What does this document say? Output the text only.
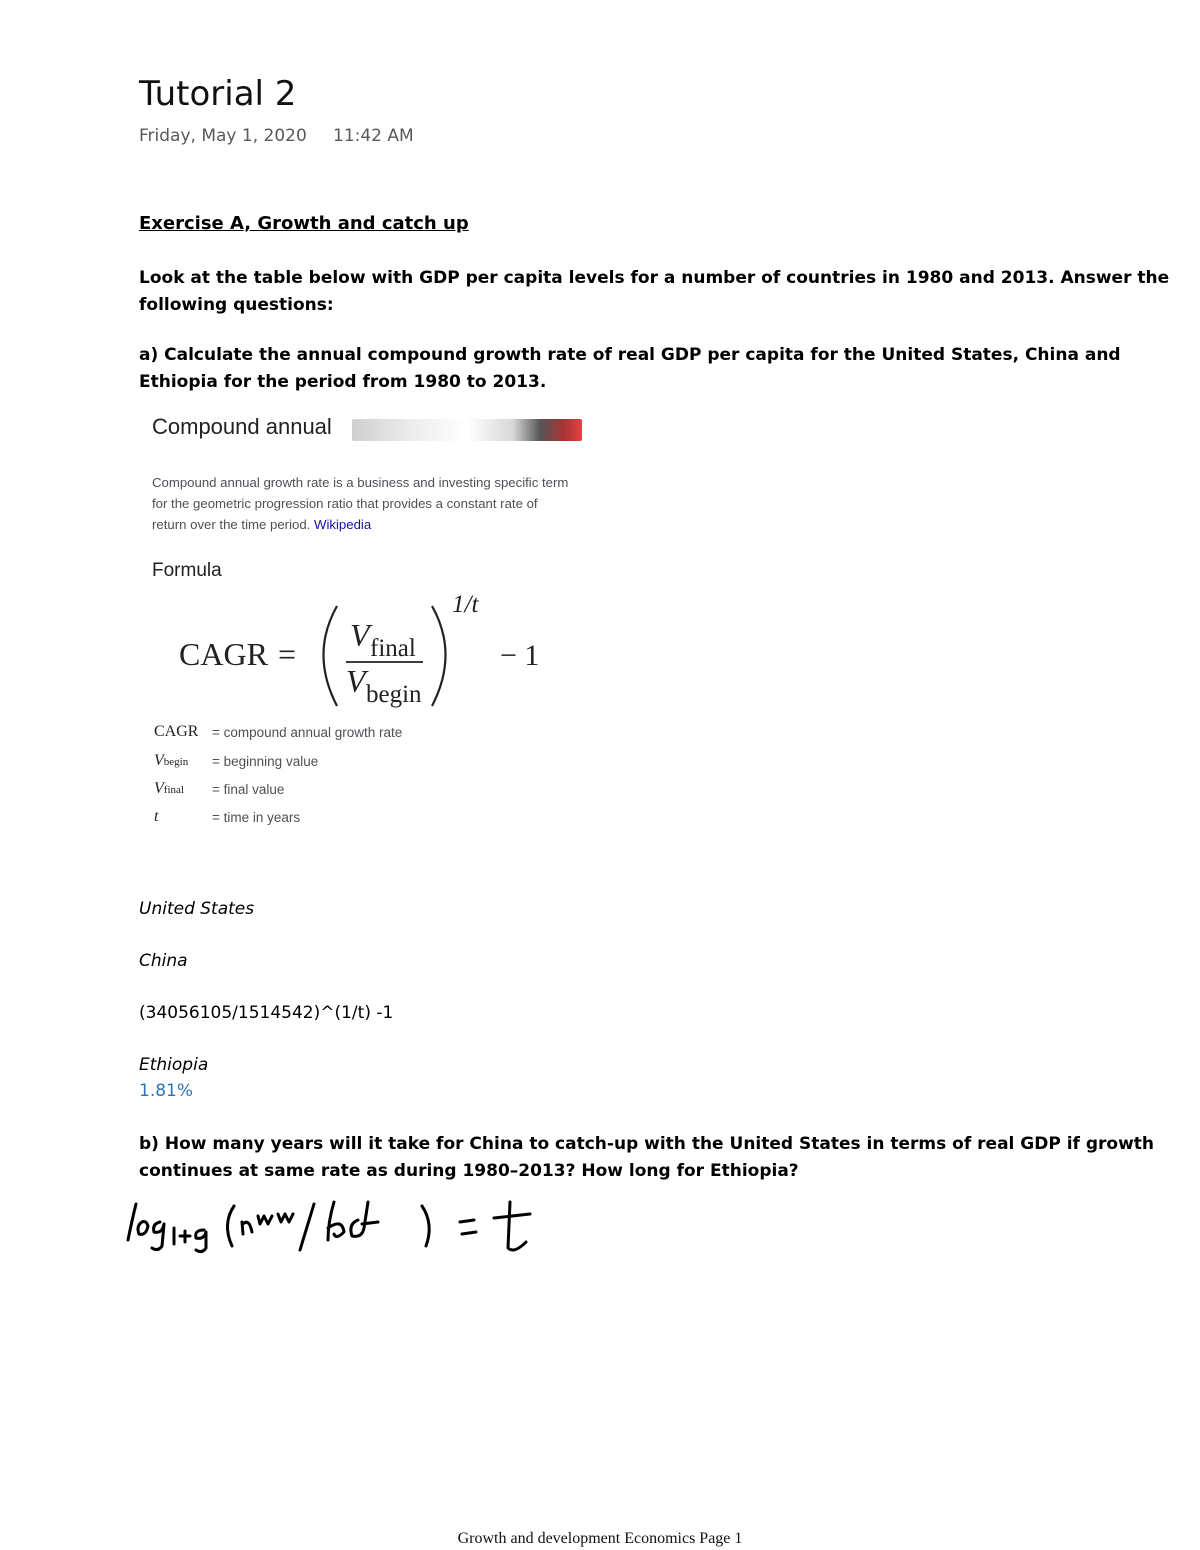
Tutorial 2
Friday, May 1, 2020 11:42 AM
Exercise A, Growth and catch up
Look at the table below with GDP per capita levels for a number of countries in 1980 and 2013. Answer the following questions:
a) Calculate the annual compound growth rate of real GDP per capita for the United States, China and Ethiopia for the period from 1980 to 2013.
Compound annual
Compound annual growth rate is a business and investing specific term for the geometric progression ratio that provides a constant rate of return over the time period. Wikipedia
Formula
CAGR =
V final
V begin
1/t
− 1
CAGR = compound annual growth rate
Vbegin = beginning value
Vfinal = final value
t	= time in years
United States
China
(34056105/1514542)^(1/t) -1
Ethiopia
1.81%
b) How many years will it take for China to catch-up with the United States in terms of real GDP if growth continues at same rate as during 1980–2013? How long for Ethiopia?
Growth and development Economics Page 1
